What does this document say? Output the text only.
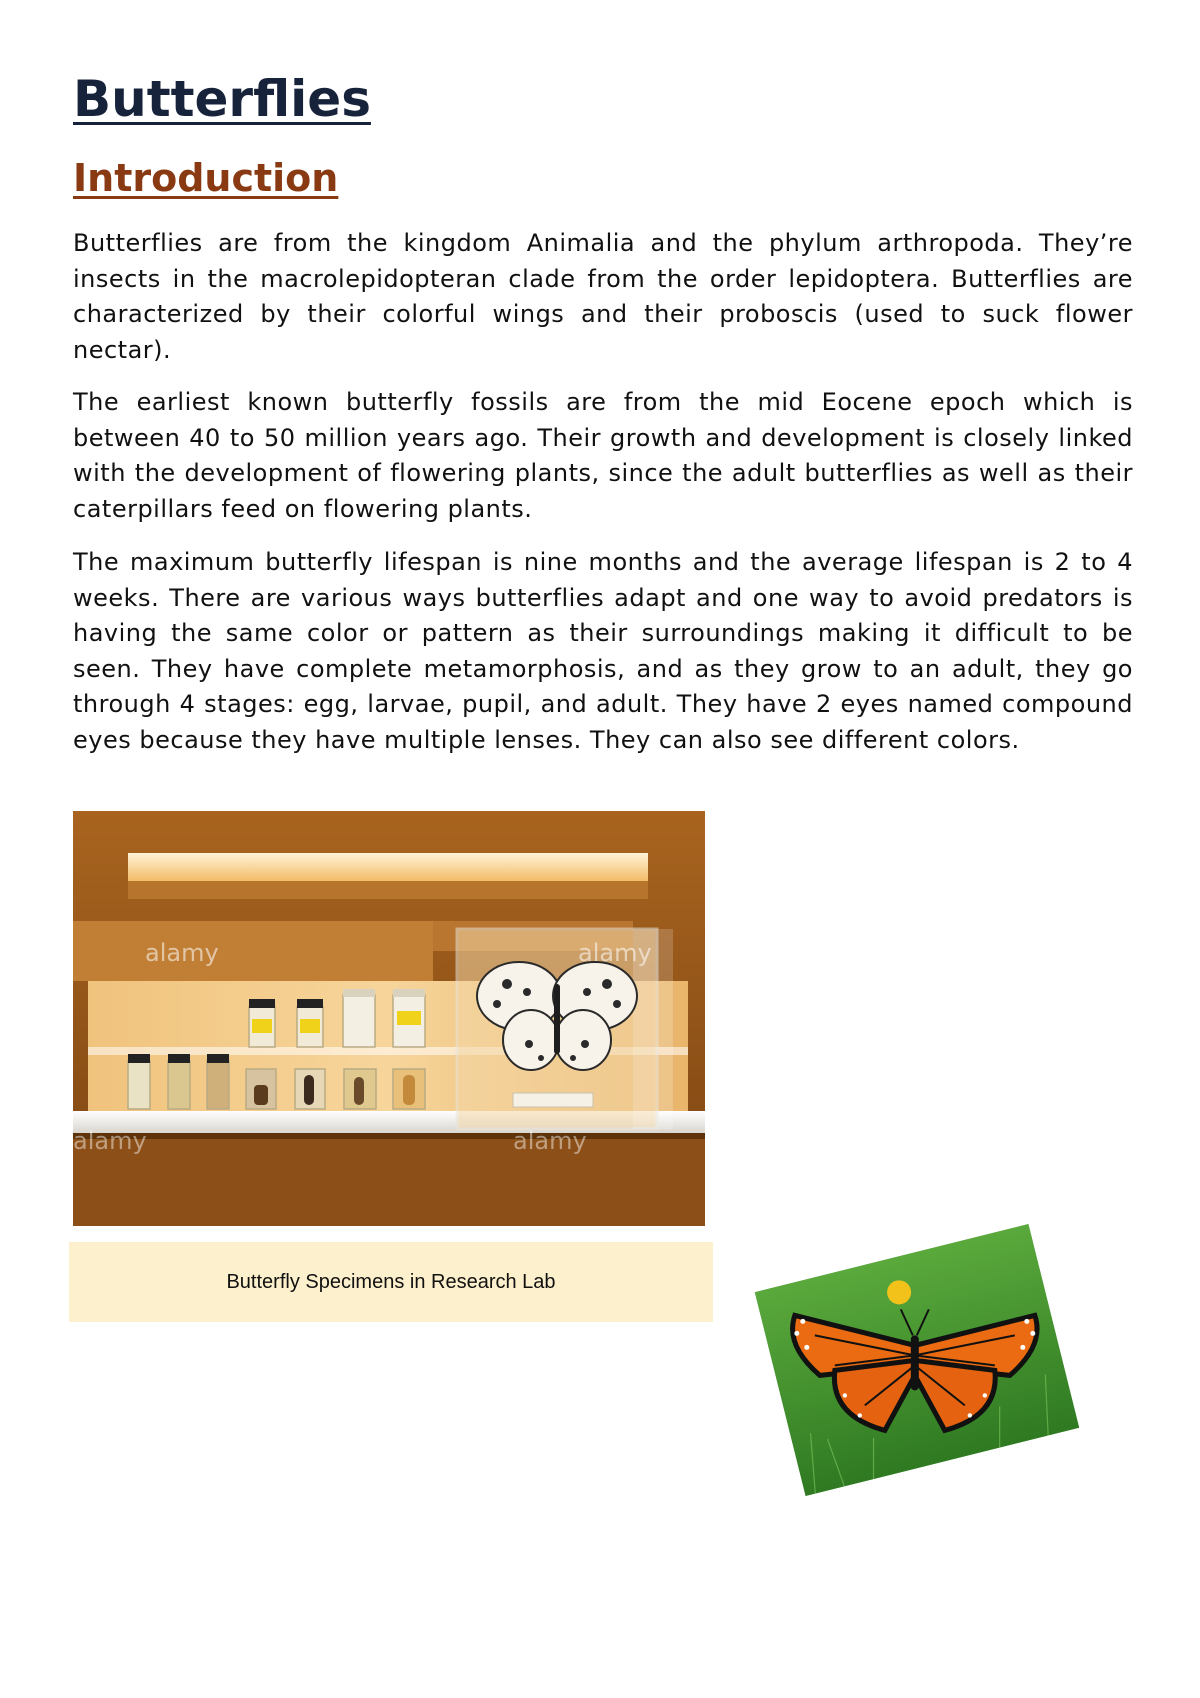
Butterflies
Introduction

Butterflies are from the kingdom Animalia and the phylum arthropoda. They’re insects in the macrolepidopteran clade from the order lepidoptera. Butterflies are characterized by their colorful wings and their proboscis (used to suck flower nectar).

The earliest known butterfly fossils are from the mid Eocene epoch which is between 40 to 50 million years ago. Their growth and development is closely linked with the development of flowering plants, since the adult butterflies as well as their caterpillars feed on flowering plants.

The maximum butterfly lifespan is nine months and the average lifespan is 2 to 4 weeks. There are various ways butterflies adapt and one way to avoid predators is having the same color or pattern as their surroundings making it difficult to be seen. They have complete metamorphosis, and as they grow to an adult, they go through 4 stages: egg, larvae, pupil, and adult. They have 2 eyes named compound eyes because they have multiple lenses. They can also see different colors.

alamy	alamy
alamy	alamy
Butterfly Specimens in Research Lab
